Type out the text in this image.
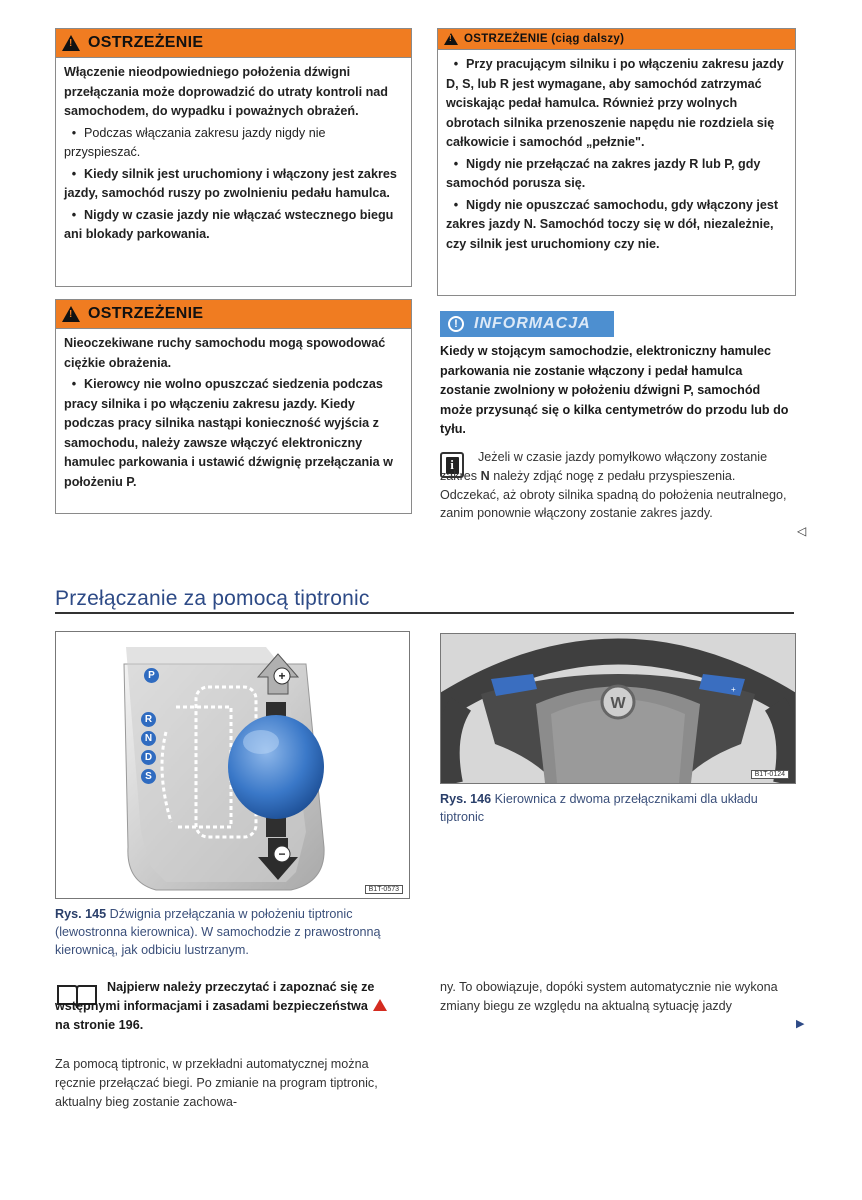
!
OSTRZEŻENIE

Włączenie nieodpowiedniego położenia dźwigni przełączania może doprowadzić do utraty kontroli nad samochodem, do wypadku i poważnych obrażeń.

• Podczas włączania zakresu jazdy nigdy nie przyspieszać.

• Kiedy silnik jest uruchomiony i włączony jest zakres jazdy, samochód ruszy po zwolnieniu pedału hamulca.

• Nigdy w czasie jazdy nie włączać wstecznego biegu ani blokady parkowania.

!
OSTRZEŻENIE

Nieoczekiwane ruchy samochodu mogą spowodować ciężkie obrażenia.

• Kierowcy nie wolno opuszczać siedzenia podczas pracy silnika i po włączeniu zakresu jazdy. Kiedy podczas pracy silnika nastąpi konieczność wyjścia z samochodu, należy zawsze włączyć elektroniczny hamulec parkowania i ustawić dźwignię przełączania w położeniu P.

!
OSTRZEŻENIE (ciąg dalszy)

• Przy pracującym silniku i po włączeniu zakresu jazdy D, S, lub R jest wymagane, aby samochód zatrzymać wciskając pedał hamulca. Również przy wolnych obrotach silnika przenoszenie napędu nie rozdziela się całkowicie i samochód „pełznie".

• Nigdy nie przełączać na zakres jazdy R lub P, gdy samochód porusza się.

• Nigdy nie opuszczać samochodu, gdy włączony jest zakres jazdy N. Samochód toczy się w dół, niezależnie, czy silnik jest uruchomiony czy nie.

!	INFORMACJA
Kiedy w stojącym samochodzie, elektroniczny hamulec parkowania nie zostanie włączony i pedał hamulca zostanie zwolniony w położeniu dźwigni P, samochód może przysunąć się o kilka centymetrów do przodu lub do tyłu.
i	Jeżeli w czasie jazdy pomyłkowo włączony zostanie zakres N należy zdjąć nogę z pedału przyspieszenia. Odczekać, aż obroty silnika spadną do położenia neutralnego, zanim ponownie włączony zostanie zakres jazdy.
◁
Przełączanie za pomocą tiptronic
+
−
P
R
N
D
S
B1T-0573
Rys. 145 Dźwignia przełączania w położeniu tiptronic (lewostronna kierownica). W samochodzie z prawostronną kierownicą, jak odbiciu lustrzanym.
W
+
B1T-0124
Rys. 146 Kierownica z dwoma przełącznikami dla układu tiptronic
Najpierw należy przeczytać i zapoznać się ze wstępnymi informacjami i zasadami bezpieczeństwa  na stronie 196.
Za pomocą tiptronic, w przekładni automatycznej można ręcznie przełączać biegi. Po zmianie na program tiptronic, aktualny bieg zostanie zachowa-
ny. To obowiązuje, dopóki system automatycznie nie wykona zmiany biegu ze względu na aktualną sytuację jazdy
▶
